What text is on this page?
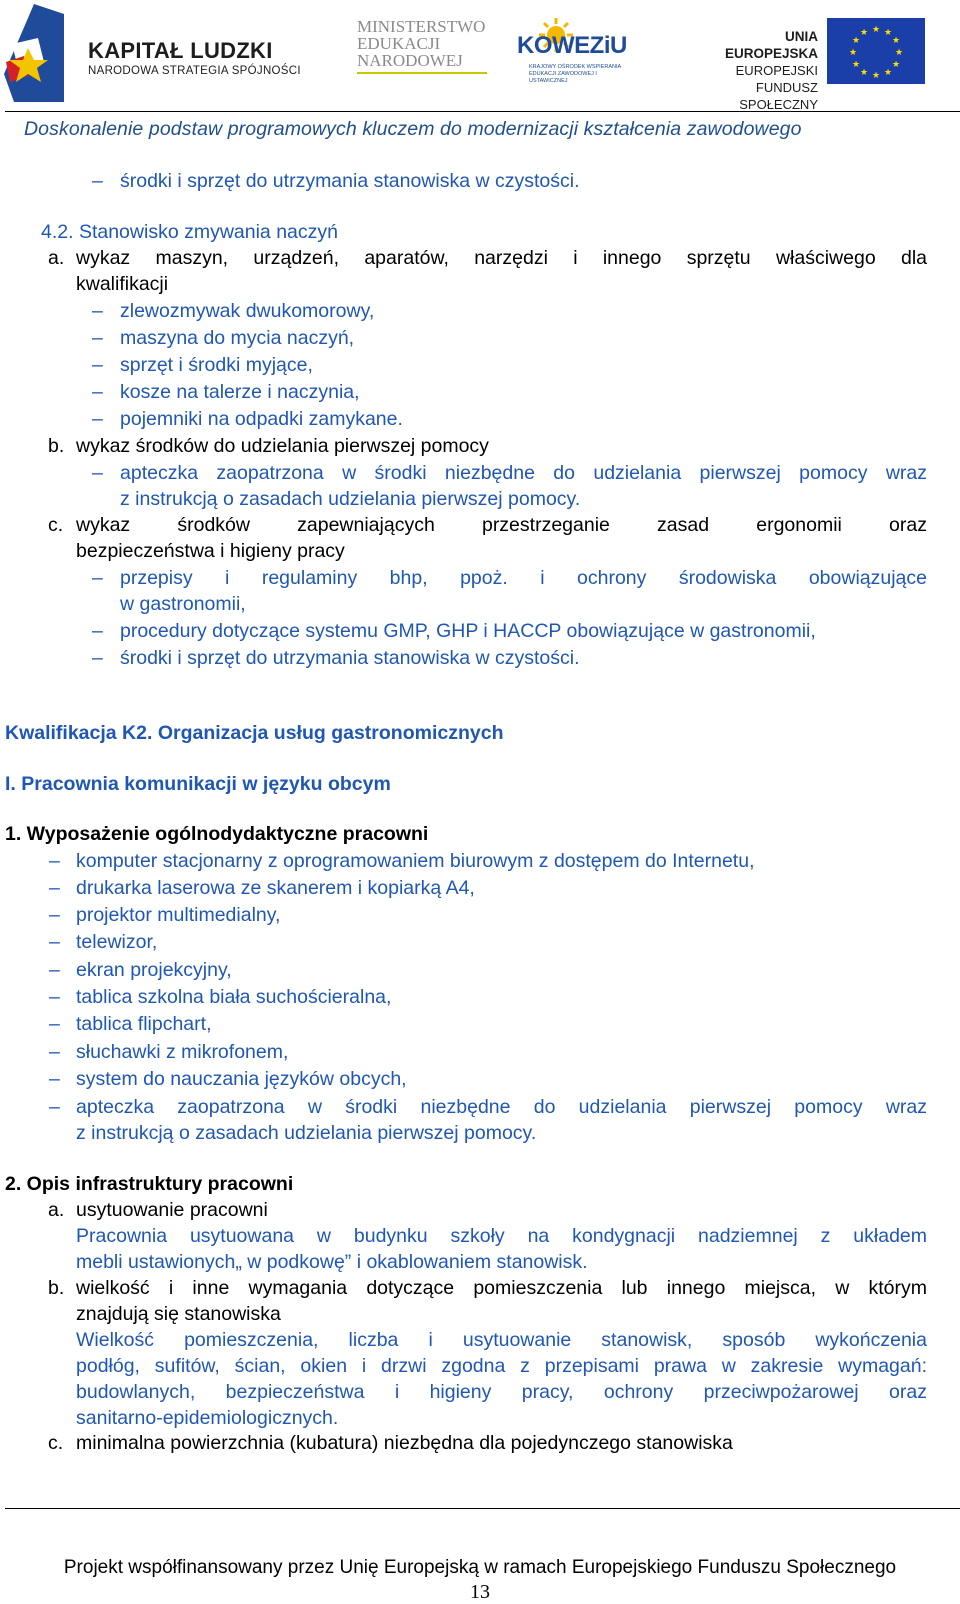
KAPITAŁ LUDZKI
NARODOWA STRATEGIA SPÓJNOŚCI
MINISTERSTWO
EDUKACJI
NARODOWEJ
KOWEZiU
KRAJOWY OŚRODEK WSPIERANIA
EDUKACJI ZAWODOWEJ I USTAWICZNEJ
UNIA EUROPEJSKA
EUROPEJSKI
FUNDUSZ SPOŁECZNY
★ ★
★
★
★
★
★
★
★
★
★
★
Doskonalenie podstaw programowych kluczem do modernizacji kształcenia zawodowego
– środki i sprzęt do utrzymania stanowiska w czystości.
4.2. Stanowisko zmywania naczyń
a. wykaz maszyn, urządzeń, aparatów, narzędzi i innego sprzętu właściwego dla
kwalifikacji
– zlewozmywak dwukomorowy,
– maszyna do mycia naczyń,
– sprzęt i środki myjące,
– kosze na talerze i naczynia,
– pojemniki na odpadki zamykane.
b. wykaz środków do udzielania pierwszej pomocy
– apteczka zaopatrzona w środki niezbędne do udzielania pierwszej pomocy wraz
z instrukcją o zasadach udzielania pierwszej pomocy.
c. wykaz środków zapewniających przestrzeganie zasad ergonomii oraz
bezpieczeństwa i higieny pracy
– przepisy i regulaminy bhp, ppoż. i ochrony środowiska obowiązujące
w gastronomii,
– procedury dotyczące systemu GMP, GHP i HACCP obowiązujące w gastronomii,
– środki i sprzęt do utrzymania stanowiska w czystości.
Kwalifikacja K2. Organizacja usług gastronomicznych
I. Pracownia komunikacji w języku obcym
1. Wyposażenie ogólnodydaktyczne pracowni
– komputer stacjonarny z oprogramowaniem biurowym z dostępem do Internetu,
– drukarka laserowa ze skanerem i kopiarką A4,
– projektor multimedialny,
– telewizor,
– ekran projekcyjny,
– tablica szkolna biała suchościeralna,
– tablica flipchart,
– słuchawki z mikrofonem,
– system do nauczania języków obcych,
– apteczka zaopatrzona w środki niezbędne do udzielania pierwszej pomocy wraz
z instrukcją o zasadach udzielania pierwszej pomocy.
2. Opis infrastruktury pracowni
a. usytuowanie pracowni
Pracownia usytuowana w budynku szkoły na kondygnacji nadziemnej z układem
mebli ustawionych„ w podkowę” i okablowaniem stanowisk.
b. wielkość i inne wymagania dotyczące pomieszczenia lub innego miejsca, w którym
znajdują się stanowiska
Wielkość pomieszczenia, liczba i usytuowanie stanowisk, sposób wykończenia
podłóg, sufitów, ścian, okien i drzwi zgodna z przepisami prawa w zakresie wymagań:
budowlanych, bezpieczeństwa i higieny pracy, ochrony przeciwpożarowej oraz
sanitarno-epidemiologicznych.
c. minimalna powierzchnia (kubatura) niezbędna dla pojedynczego stanowiska
Projekt współfinansowany przez Unię Europejską w ramach Europejskiego Funduszu Społecznego
13
